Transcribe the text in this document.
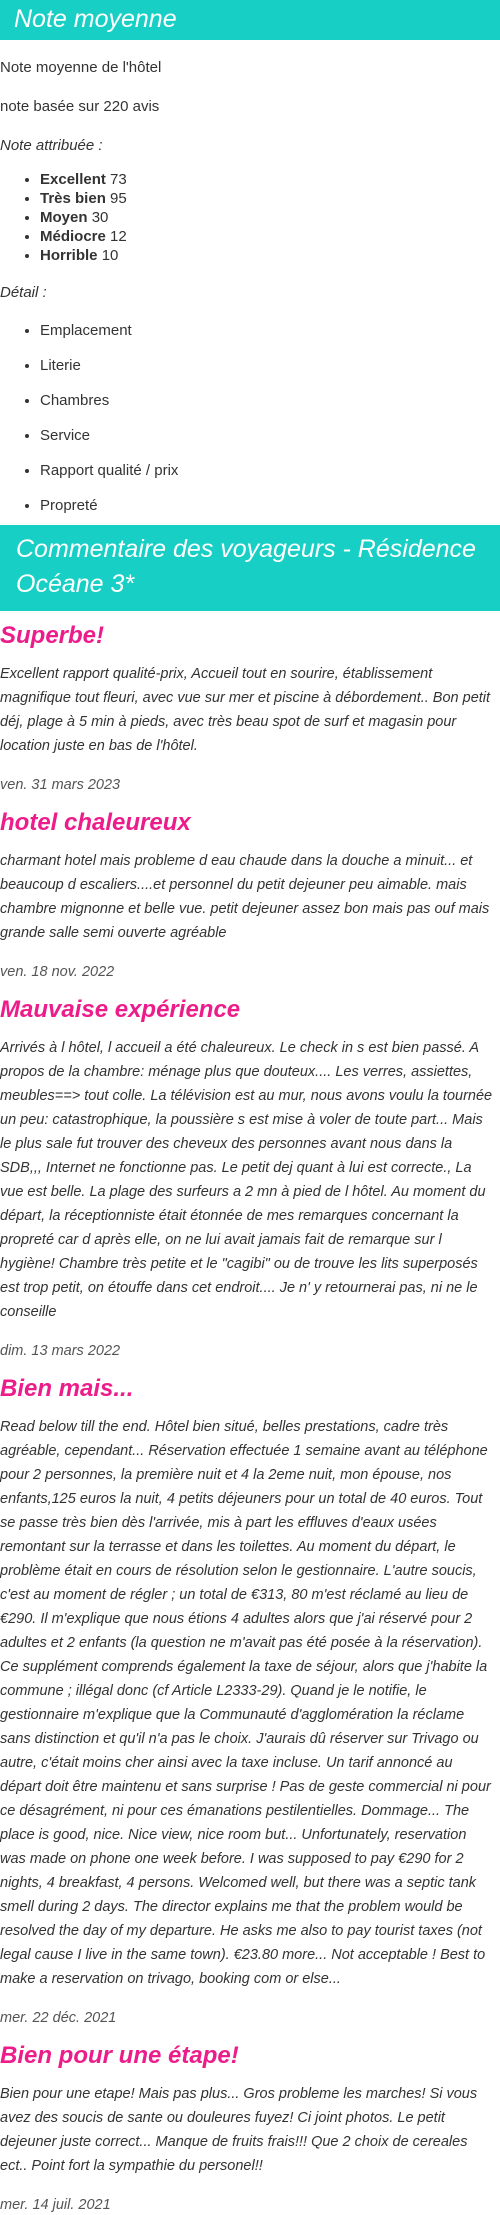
Note moyenne

Note moyenne de l'hôtel

note basée sur 220 avis

Note attribuée :

• Excellent 73
• Très bien 95
• Moyen 30
• Médiocre 12
• Horrible 10

Détail :

• Emplacement
• Literie
• Chambres
• Service
• Rapport qualité / prix
• Propreté
Commentaire des voyageurs - Résidence Océane 3*
Superbe!

Excellent rapport qualité-prix, Accueil tout en sourire, établissement magnifique tout fleuri, avec vue sur mer et piscine à débordement.. Bon petit déj, plage à 5 min à pieds, avec très beau spot de surf et magasin pour location juste en bas de l'hôtel.

ven. 31 mars 2023

hotel chaleureux

charmant hotel mais probleme d eau chaude dans la douche a minuit... et beaucoup d escaliers....et personnel du petit dejeuner peu aimable. mais chambre mignonne et belle vue. petit dejeuner assez bon mais pas ouf mais grande salle semi ouverte agréable

ven. 18 nov. 2022

Mauvaise expérience

Arrivés à l hôtel, l accueil a été chaleureux. Le check in s est bien passé. A propos de la chambre: ménage plus que douteux.... Les verres, assiettes, meubles==> tout colle. La télévision est au mur, nous avons voulu la tournée un peu: catastrophique, la poussière s est mise à voler de toute part... Mais le plus sale fut trouver des cheveux des personnes avant nous dans la SDB,,, Internet ne fonctionne pas. Le petit dej quant à lui est correcte., La vue est belle. La plage des surfeurs a 2 mn à pied de l hôtel. Au moment du départ, la réceptionniste était étonnée de mes remarques concernant la propreté car d après elle, on ne lui avait jamais fait de remarque sur l hygiène! Chambre très petite et le "cagibi" ou de trouve les lits superposés est trop petit, on étouffe dans cet endroit.... Je n' y retournerai pas, ni ne le conseille

dim. 13 mars 2022

Bien mais...

Read below till the end. Hôtel bien situé, belles prestations, cadre très agréable, cependant... Réservation effectuée 1 semaine avant au téléphone pour 2 personnes, la première nuit et 4 la 2eme nuit, mon épouse, nos enfants,125 euros la nuit, 4 petits déjeuners pour un total de 40 euros. Tout se passe très bien dès l'arrivée, mis à part les effluves d'eaux usées remontant sur la terrasse et dans les toilettes. Au moment du départ, le problème était en cours de résolution selon le gestionnaire. L'autre soucis, c'est au moment de régler ; un total de €313, 80 m'est réclamé au lieu de €290. Il m'explique que nous étions 4 adultes alors que j'ai réservé pour 2 adultes et 2 enfants (la question ne m'avait pas été posée à la réservation). Ce supplément comprends également la taxe de séjour, alors que j'habite la commune ; illégal donc (cf Article L2333-29). Quand je le notifie, le gestionnaire m'explique que la Communauté d'agglomération la réclame sans distinction et qu'il n'a pas le choix. J'aurais dû réserver sur Trivago ou autre, c'était moins cher ainsi avec la taxe incluse. Un tarif annoncé au départ doit être maintenu et sans surprise ! Pas de geste commercial ni pour ce désagrément, ni pour ces émanations pestilentielles. Dommage... The place is good, nice. Nice view, nice room but... Unfortunately, reservation was made on phone one week before. I was supposed to pay €290 for 2 nights, 4 breakfast, 4 persons. Welcomed well, but there was a septic tank smell during 2 days. The director explains me that the problem would be resolved the day of my departure. He asks me also to pay tourist taxes (not legal cause I live in the same town). €23.80 more... Not acceptable ! Best to make a reservation on trivago, booking com or else...

mer. 22 déc. 2021

Bien pour une étape!

Bien pour une etape! Mais pas plus... Gros probleme les marches! Si vous avez des soucis de sante ou douleures fuyez! Ci joint photos. Le petit dejeuner juste correct... Manque de fruits frais!!! Que 2 choix de cereales ect.. Point fort la sympathie du personel!!

mer. 14 juil. 2021
